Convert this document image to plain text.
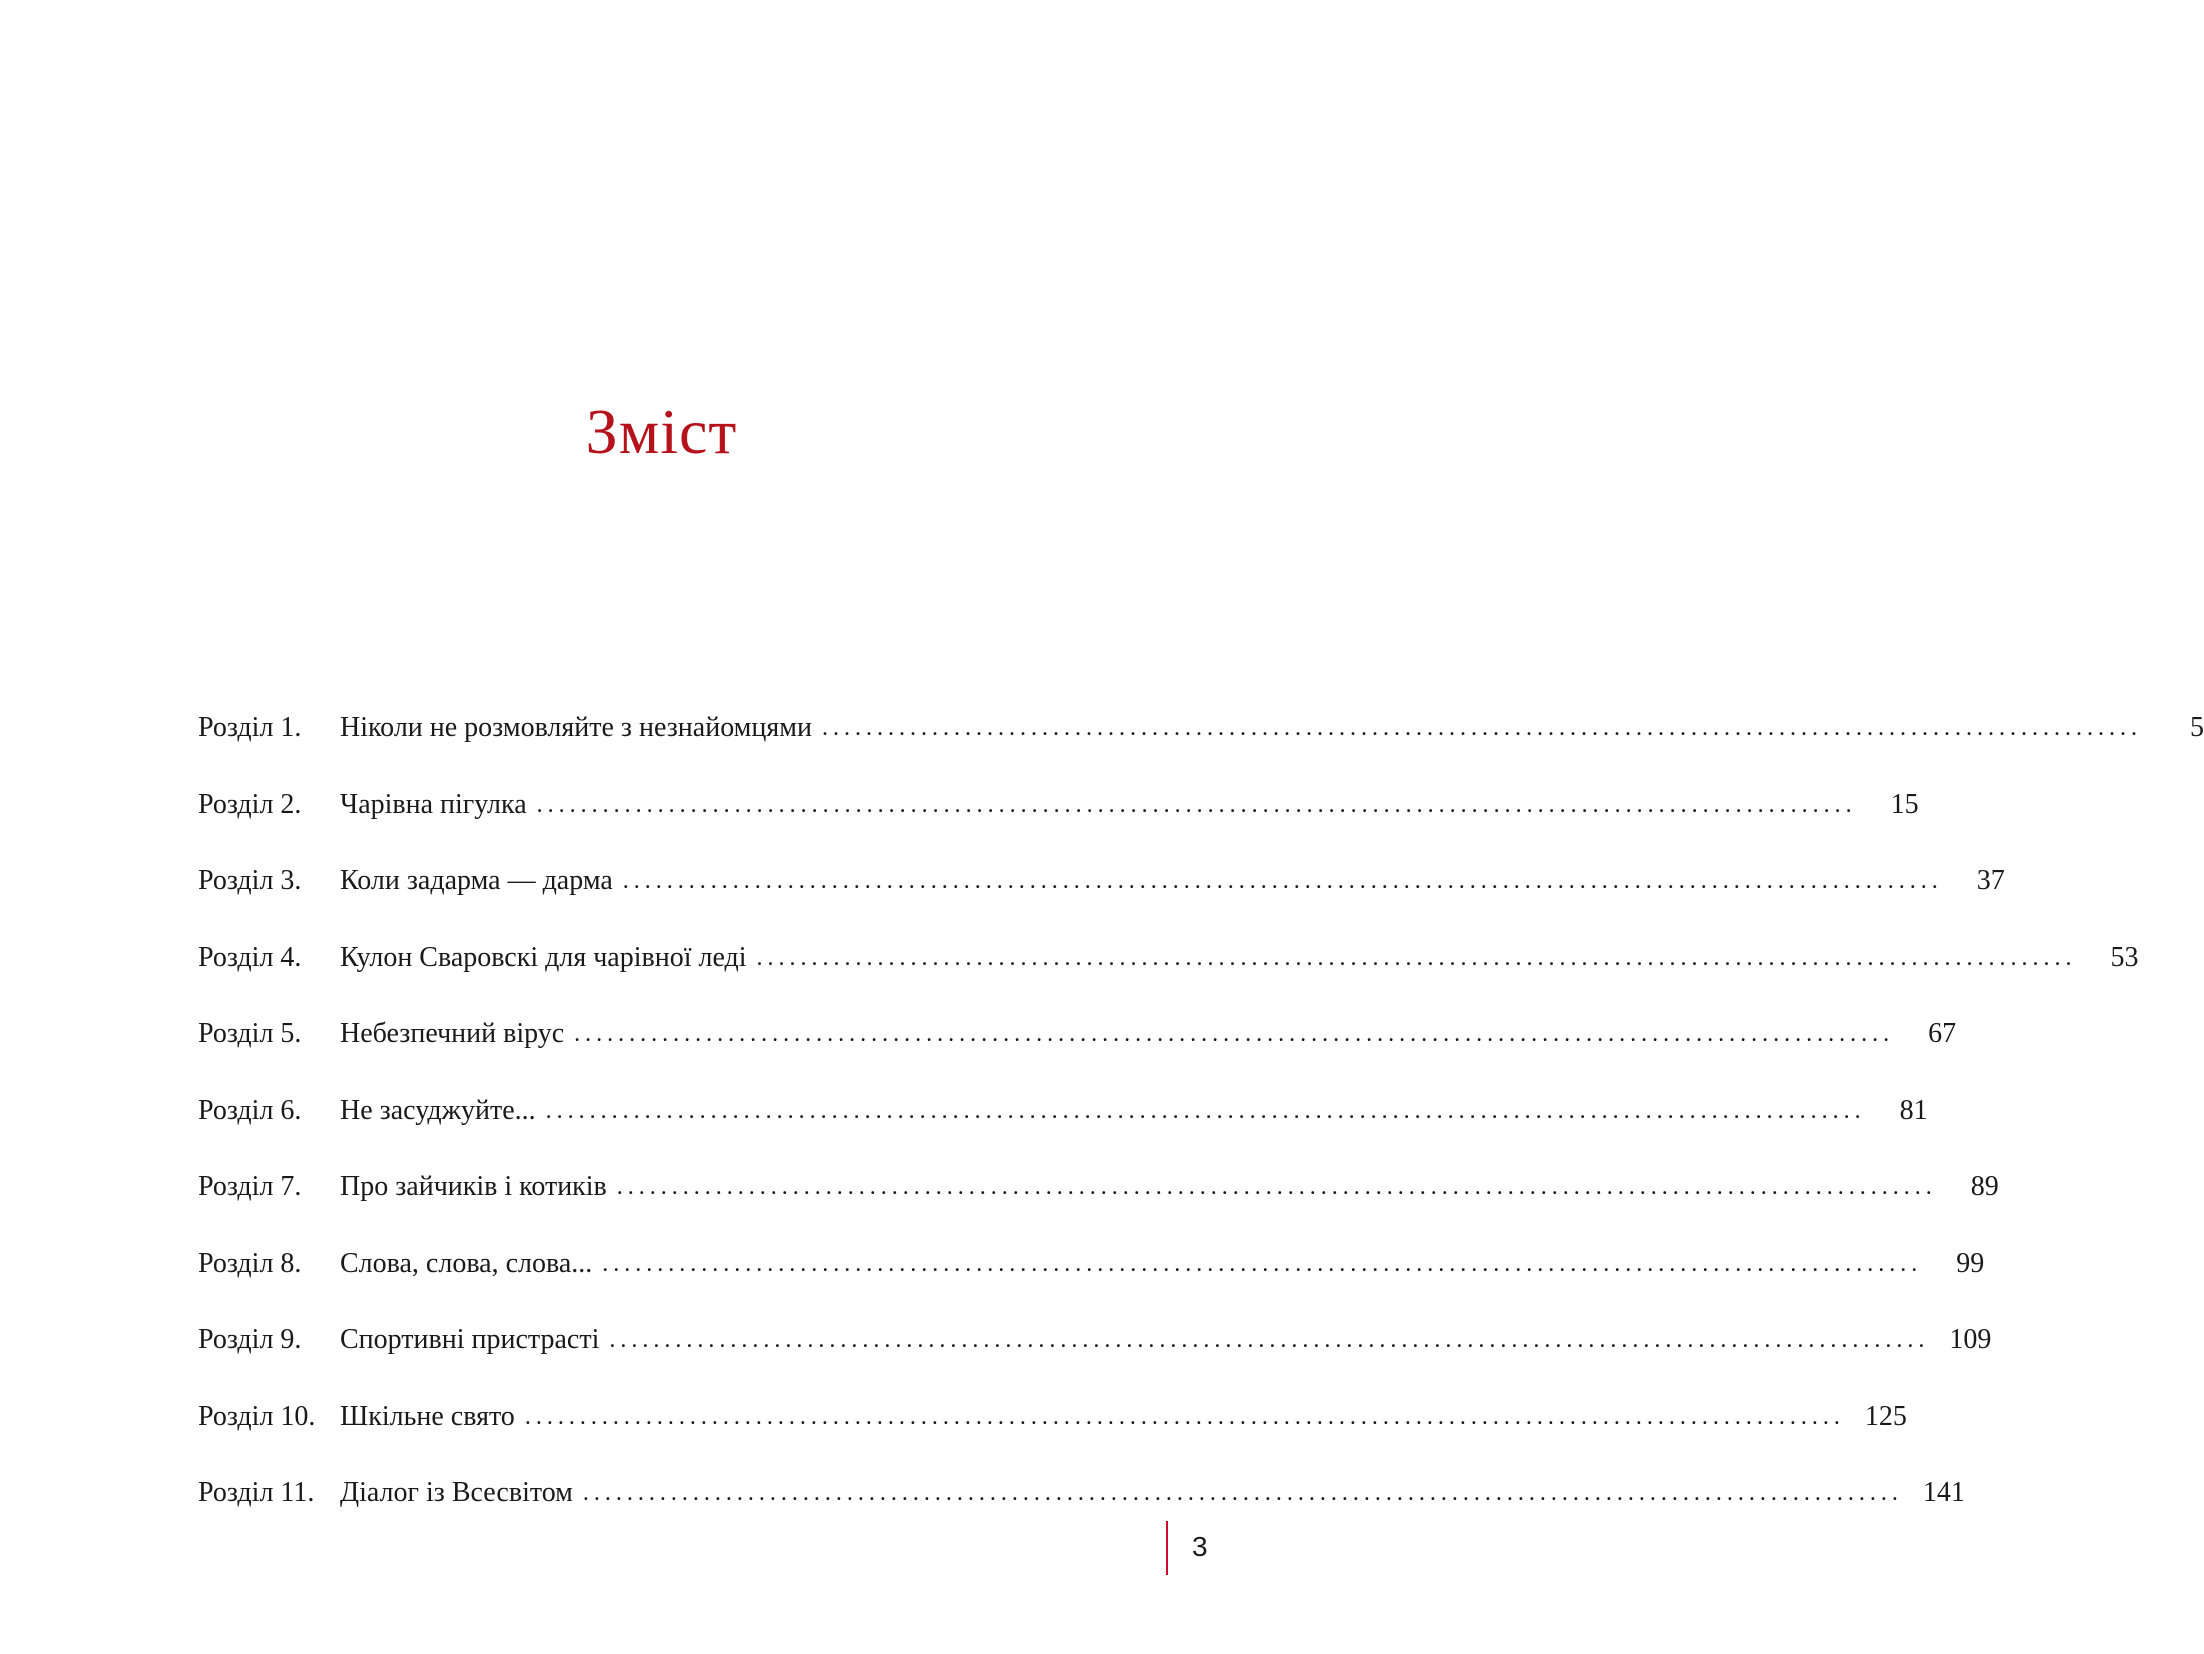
Зміст
Розділ 1.	Ніколи не розмовляйте з незнайомцями ........................................................................................................................	5
Розділ 2.	Чарівна пігулка ........................................................................................................................	15
Розділ 3.	Коли задарма — дарма ........................................................................................................................	37
Розділ 4.	Кулон Сваровскі для чарівної леді ........................................................................................................................	53
Розділ 5.	Небезпечний вірус ........................................................................................................................	67
Розділ 6.	Не засуджуйте... ........................................................................................................................	81
Розділ 7.	Про зайчиків і котиків ........................................................................................................................	89
Розділ 8.	Слова, слова, слова... ........................................................................................................................	99
Розділ 9.	Спортивні пристрасті ........................................................................................................................ 109
Розділ 10. Шкільне свято ........................................................................................................................ 125
Розділ 11. Діалог із Всесвітом ........................................................................................................................ 141
3
